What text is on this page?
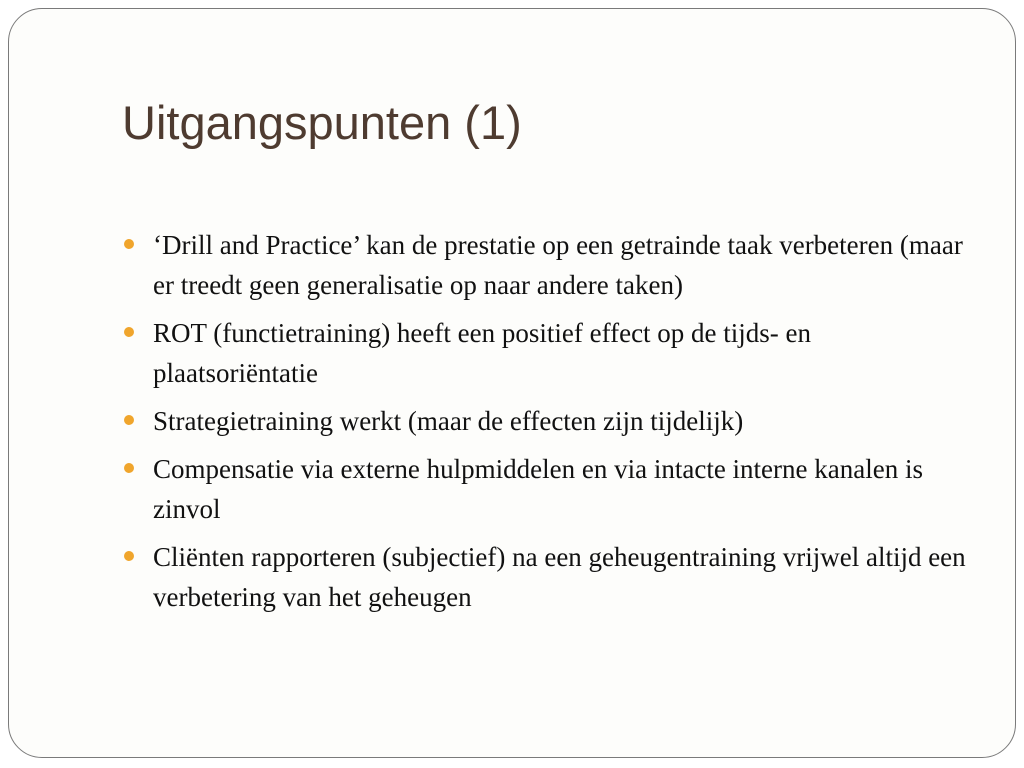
Uitgangspunten (1)
‘Drill and Practice’ kan de prestatie op een getrainde taak verbeteren (maar er treedt geen generalisatie op naar andere taken)
ROT (functietraining) heeft een positief effect op de tijds- en plaatsoriëntatie
Strategietraining werkt (maar de effecten zijn tijdelijk)
Compensatie via externe hulpmiddelen en via intacte interne kanalen is zinvol
Cliënten rapporteren (subjectief) na een geheugentraining vrijwel altijd een verbetering van het geheugen
